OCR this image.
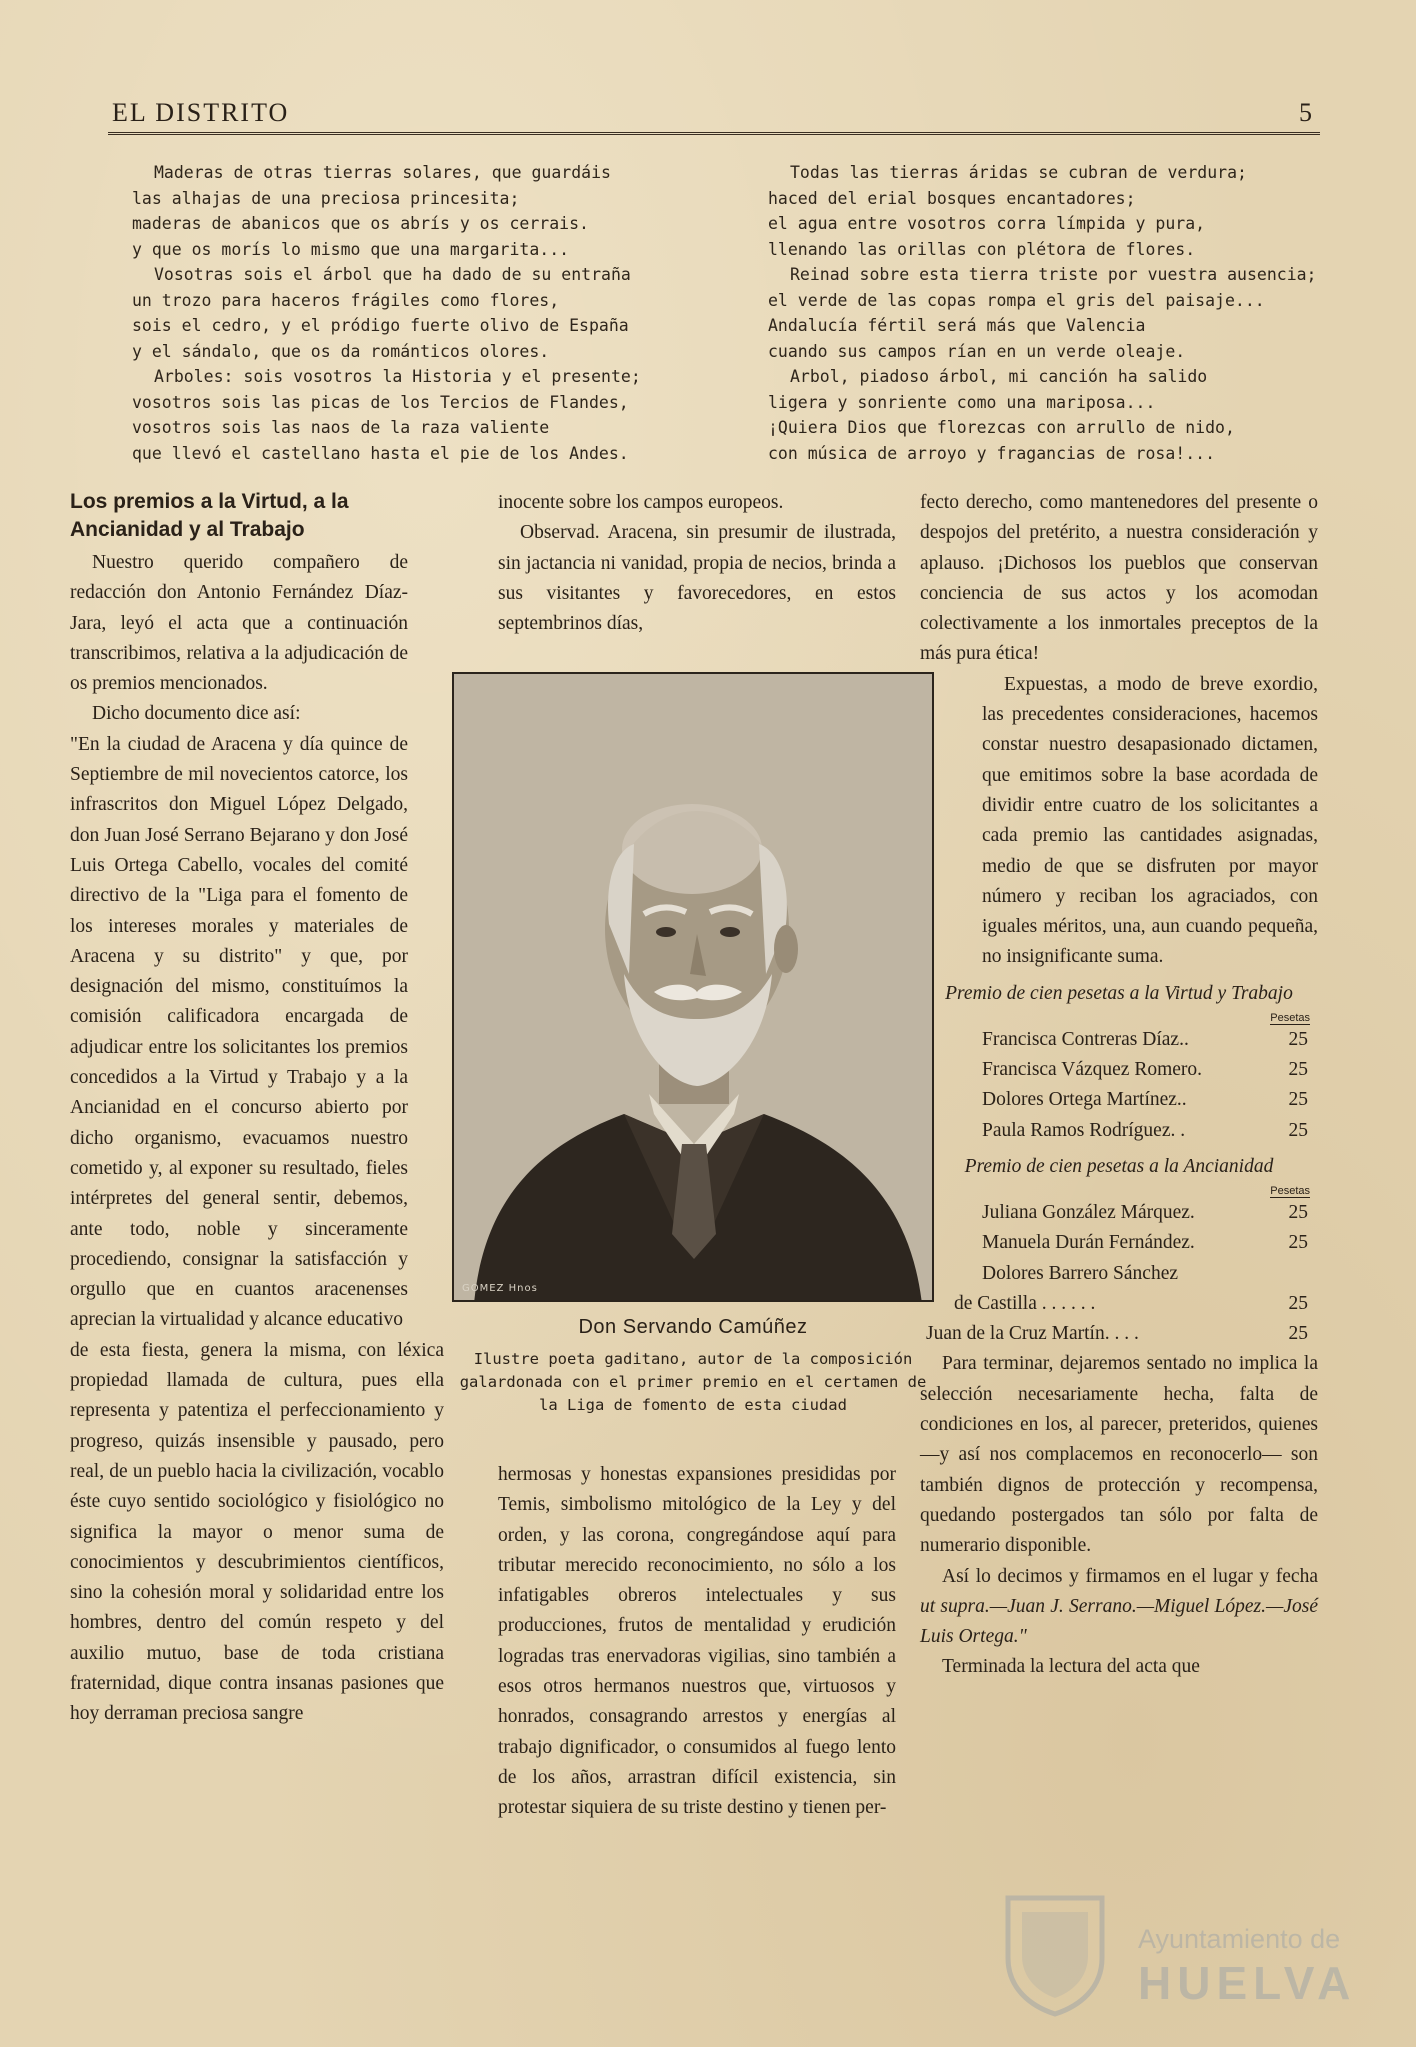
EL DISTRITO	5
Maderas de otras tierras solares, que guardáis
las alhajas de una preciosa princesita;
maderas de abanicos que os abrís y os cerrais.
y que os morís lo mismo que una margarita...
Vosotras sois el árbol que ha dado de su entraña
un trozo para haceros frágiles como flores,
sois el cedro, y el pródigo fuerte olivo de España
y el sándalo, que os da románticos olores.
Arboles: sois vosotros la Historia y el presente;
vosotros sois las picas de los Tercios de Flandes,
vosotros sois las naos de la raza valiente
que llevó el castellano hasta el pie de los Andes.
Todas las tierras áridas se cubran de verdura;
haced del erial bosques encantadores;
el agua entre vosotros corra límpida y pura,
llenando las orillas con plétora de flores.
Reinad sobre esta tierra triste por vuestra ausencia;
el verde de las copas rompa el gris del paisaje...
Andalucía fértil será más que Valencia
cuando sus campos rían en un verde oleaje.
Arbol, piadoso árbol, mi canción ha salido
ligera y sonriente como una mariposa...
¡Quiera Dios que florezcas con arrullo de nido,
con música de arroyo y fragancias de rosa!...
Los premios a la Virtud, a la Ancianidad y al Trabajo

Nuestro querido compañero de redacción don Antonio Fernández Díaz-Jara, leyó el acta que a continuación transcribimos, relativa a la adjudicación de os premios mencionados.

Dicho documento dice así:

"En la ciudad de Aracena y día quince de Septiembre de mil novecientos catorce, los infrascritos don Miguel López Delgado, don Juan José Serrano Bejarano y don José Luis Ortega Cabello, vocales del comité directivo de la "Liga para el fomento de los intereses morales y materiales de Aracena y su distrito" y que, por designación del mismo, constituímos la comisión calificadora encargada de adjudicar entre los solicitantes los premios concedidos a la Virtud y Trabajo y a la Ancianidad en el concurso abierto por dicho organismo, evacuamos nuestro cometido y, al exponer su resultado, fieles intérpretes del general sentir, debemos, ante todo, noble y sinceramente procediendo, consignar la satisfacción y orgullo que en cuantos aracenenses aprecian la virtualidad y alcance educativo

de esta fiesta, genera la misma, con léxica propiedad llamada de cultura, pues ella representa y patentiza el perfeccionamiento y progreso, quizás insensible y pausado, pero real, de un pueblo hacia la civilización, vocablo éste cuyo sentido sociológico y fisiológico no significa la mayor o menor suma de conocimientos y descubrimientos científicos, sino la cohesión moral y solidaridad entre los hombres, dentro del común respeto y del auxilio mutuo, base de toda cristiana fraternidad, dique contra insanas pasiones que hoy derraman preciosa sangre

inocente sobre los campos europeos.

Observad. Aracena, sin presumir de ilustrada, sin jactancia ni vanidad, propia de necios, brinda a sus visitantes y favorecedores, en estos septembrinos días,

GOMEZ Hnos
Don Servando Camúñez
Ilustre poeta gaditano, autor de la composición galardonada con el primer premio en el certamen de la Liga de fomento de esta ciudad

hermosas y honestas expansiones presididas por Temis, simbolismo mitológico de la Ley y del orden, y las corona, congregándose aquí para tributar merecido reconocimiento, no sólo a los infatigables obreros intelectuales y sus producciones, frutos de mentalidad y erudición logradas tras enervadoras vigilias, sino también a esos otros hermanos nuestros que, virtuosos y honrados, consagrando arrestos y energías al trabajo dignificador, o consumidos al fuego lento de los años, arrastran difícil existencia, sin protestar siquiera de su triste destino y tienen per-

fecto derecho, como mantenedores del presente o despojos del pretérito, a nuestra consideración y aplauso. ¡Dichosos los pueblos que conservan conciencia de sus actos y los acomodan colectivamente a los inmortales preceptos de la más pura ética!

Expuestas, a modo de breve exordio, las precedentes consideraciones, hacemos constar nuestro desapasionado dictamen, que emitimos sobre la base acordada de dividir entre cuatro de los solicitantes a cada premio las cantidades asignadas, medio de que se disfruten por mayor número y reciban los agraciados, con iguales méritos, una, aun cuando pequeña, no insignificante suma.

Premio de cien pesetas a la Virtud y Trabajo
Pesetas
Francisca Contreras Díaz..	25
Francisca Vázquez Romero.	25
Dolores Ortega Martínez..	25
Paula Ramos Rodríguez. .	25
Premio de cien pesetas a la Ancianidad
Pesetas
Juliana González Márquez.	25
Manuela Durán Fernández.	25
Dolores Barrero Sánchez
de Castilla . . . . . .	25
Juan de la Cruz Martín. . . .	25

Para terminar, dejaremos sentado no implica la selección necesariamente hecha, falta de condiciones en los, al parecer, preteridos, quienes—y así nos complacemos en reconocerlo— son también dignos de protección y recompensa, quedando postergados tan sólo por falta de numerario disponible.

Así lo decimos y firmamos en el lugar y fecha ut supra.—Juan J. Serrano.—Miguel López.—José Luis Ortega."

Terminada la lectura del acta que

Ayuntamiento de
HUELVA
